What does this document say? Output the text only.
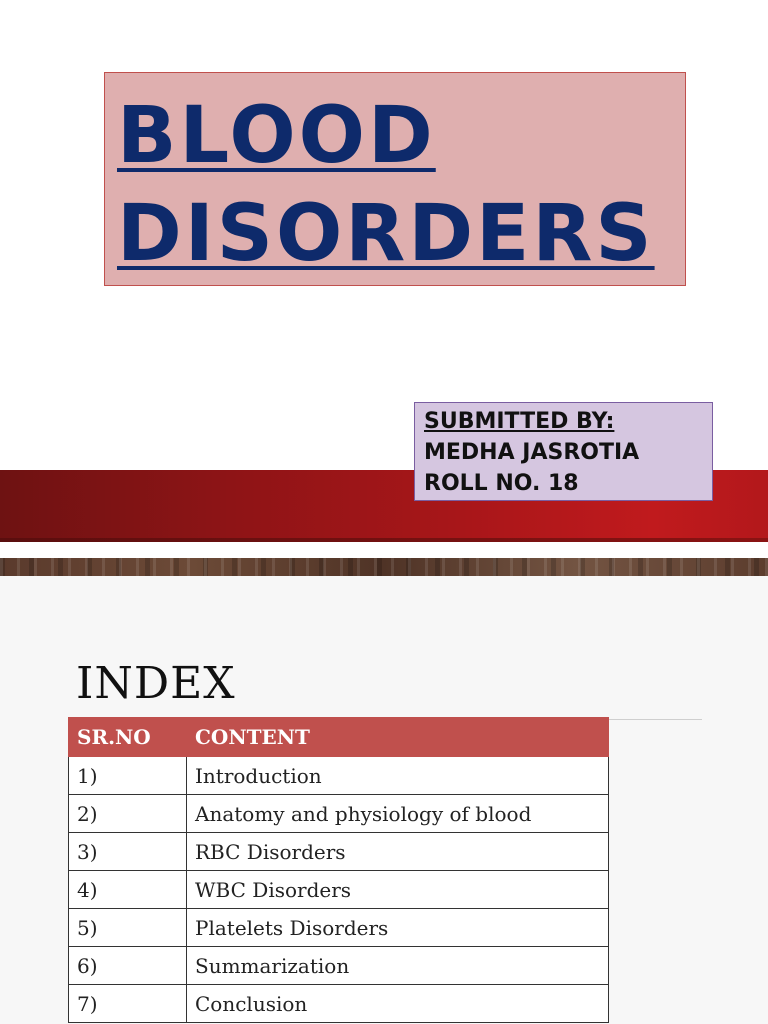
BLOOD
DISORDERS
SUBMITTED BY:
MEDHA JASROTIA
ROLL NO. 18
INDEX
SR.NO	CONTENT
1)	Introduction
2)	Anatomy and physiology of blood
3)	RBC Disorders
4)	WBC Disorders
5)	Platelets Disorders
6)	Summarization
7)	Conclusion
